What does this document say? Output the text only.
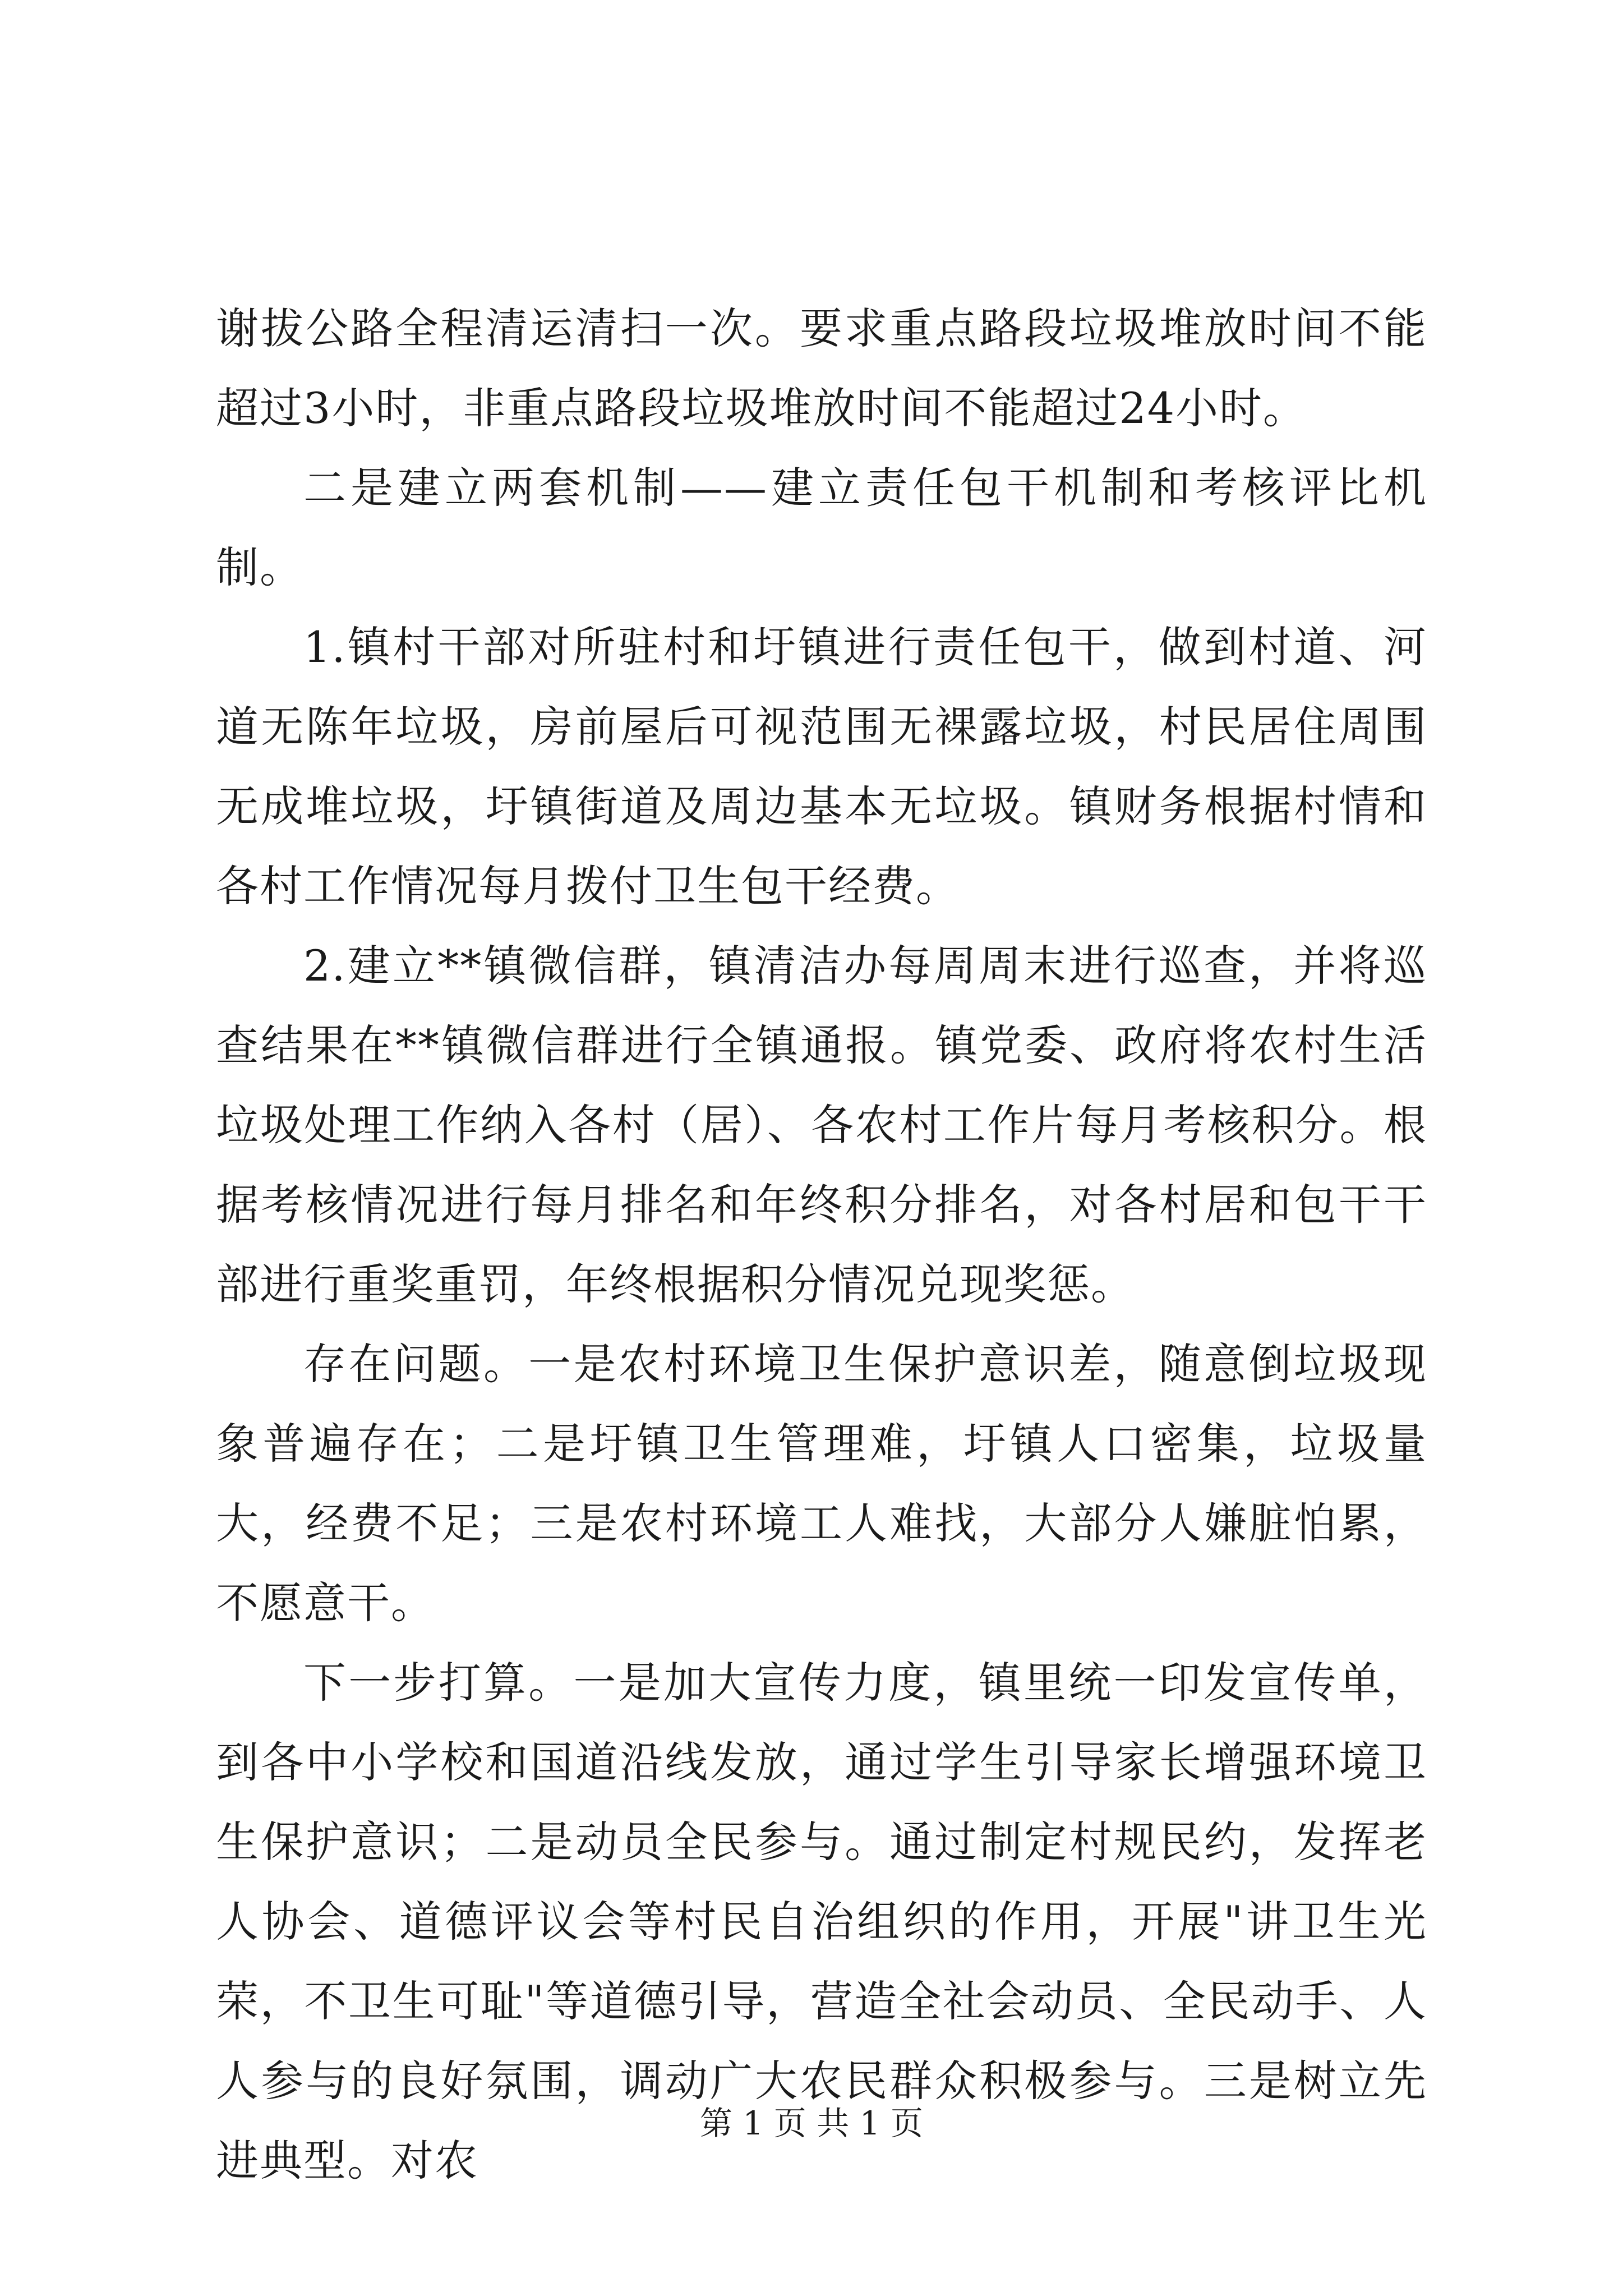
谢拔公路全程清运清扫一次。要求重点路段垃圾堆放时间不能超过3小时，非重点路段垃圾堆放时间不能超过24小时。

二是建立两套机制——建立责任包干机制和考核评比机制。

1.镇村干部对所驻村和圩镇进行责任包干，做到村道、河道无陈年垃圾，房前屋后可视范围无裸露垃圾，村民居住周围无成堆垃圾，圩镇街道及周边基本无垃圾。镇财务根据村情和各村工作情况每月拨付卫生包干经费。

2.建立**镇微信群，镇清洁办每周周末进行巡查，并将巡查结果在**镇微信群进行全镇通报。镇党委、政府将农村生活垃圾处理工作纳入各村（居）、各农村工作片每月考核积分。根据考核情况进行每月排名和年终积分排名，对各村居和包干干部进行重奖重罚，年终根据积分情况兑现奖惩。

存在问题。一是农村环境卫生保护意识差，随意倒垃圾现象普遍存在；二是圩镇卫生管理难，圩镇人口密集，垃圾量大，经费不足；三是农村环境工人难找，大部分人嫌脏怕累，不愿意干。

下一步打算。一是加大宣传力度，镇里统一印发宣传单，到各中小学校和国道沿线发放，通过学生引导家长增强环境卫生保护意识；二是动员全民参与。通过制定村规民约，发挥老人协会、道德评议会等村民自治组织的作用，开展"讲卫生光荣，不卫生可耻"等道德引导，营造全社会动员、全民动手、人人参与的良好氛围，调动广大农民群众积极参与。三是树立先进典型。对农

第 1 页 共 1 页
